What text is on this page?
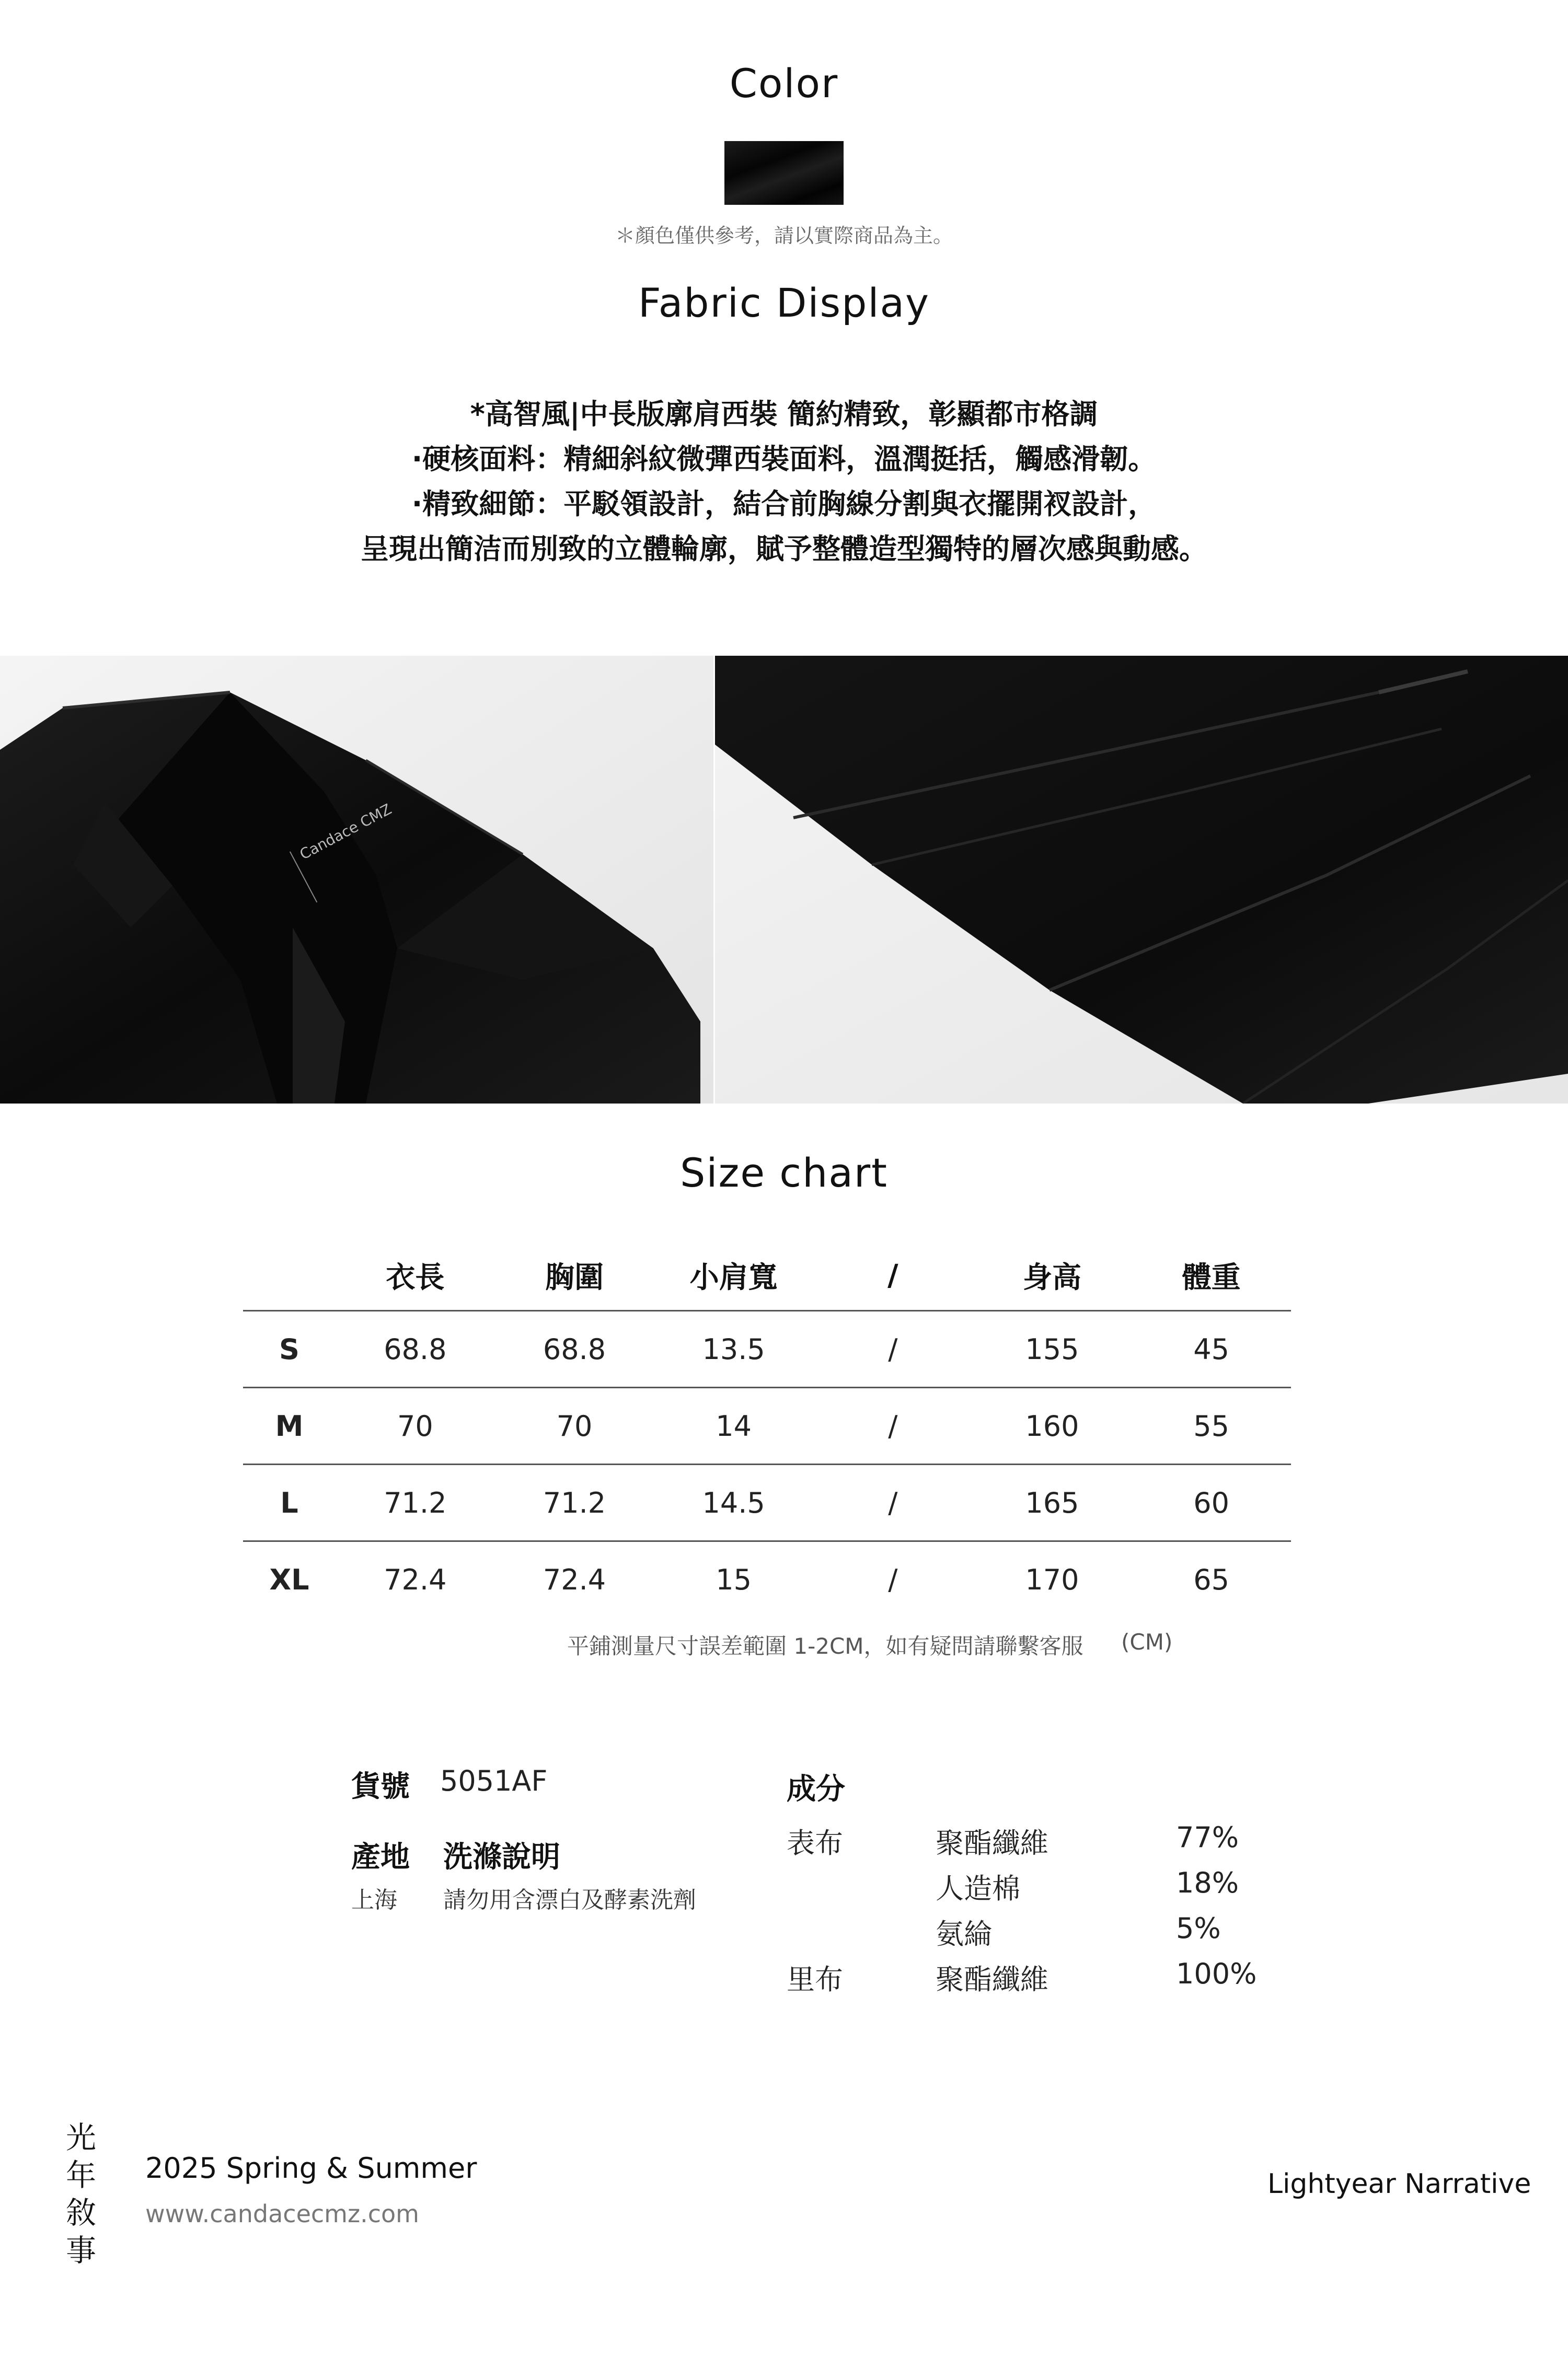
Color
＊顏色僅供參考，請以實際商品為主。
Fabric Display
*高智風|中長版廓肩西裝 簡約精致，彰顯都市格調
·硬核面料：精細斜紋微彈西裝面料，溫潤挺括，觸感滑韌。
·精致細節：平駁領設計，結合前胸線分割與衣擺開衩設計，
呈現出簡洁而別致的立體輪廓，賦予整體造型獨特的層次感與動感。
Candace CMZ
Size chart
	衣長	胸圍	小肩寬	/	身高	體重
S	68.8	68.8	13.5	/	155	45
M	70	70	14	/	160	55
L	71.2	71.2	14.5	/	165	60
XL	72.4	72.4	15	/	170	65
平鋪測量尺寸誤差範圍 1-2CM，如有疑問請聯繫客服 (CM)
貨號 5051AF
產地 洗滌說明
上海 請勿用含漂白及酵素洗劑
成分
表布	聚酯纖維	77%
人造棉	18%
氨綸	5%
里布	聚酯纖維	100%
光
年
敘
事
2025 Spring & Summer
www.candacecmz.com
Lightyear Narrative
